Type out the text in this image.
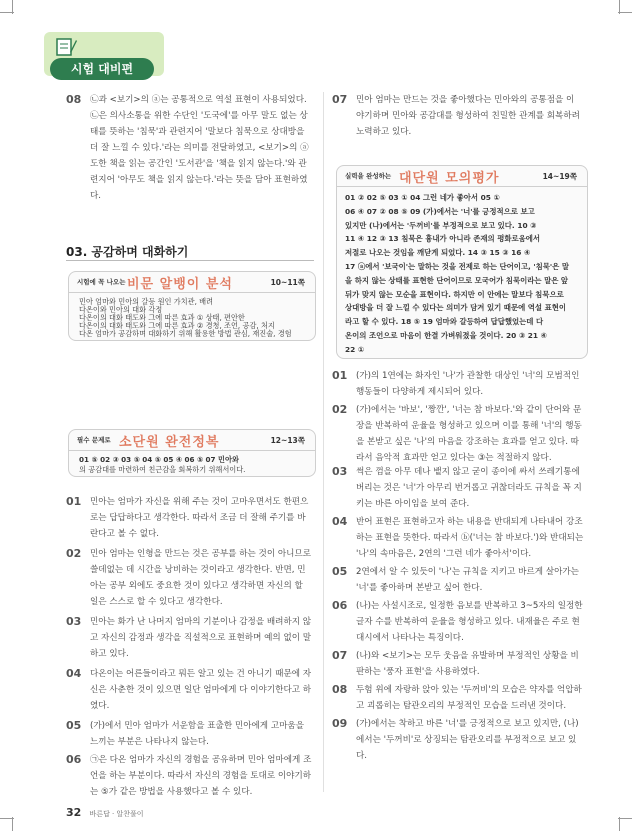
시험 대비편
08 ㉡과 <보기>의 ⓐ는 공통적으로 역설 표현이 사용되었다. ㉡은 의사소통을 위한 수단인 '도국에'를 아무 말도 없는 상태를 뜻하는 '침묵'과 관련지어 '말보다 침묵으로 상대방을 더 잘 느낄 수 있다.'라는 의미를 전달하였고, <보기>의 ⓐ 도한 책을 읽는 공간인 '도서관'을 '책을 읽지 않는다.'와 관련지어 '아무도 책을 읽지 않는다.'라는 뜻을 담아 표현하였다.
03. 공감하며 대화하기
시험에 꼭 나오는 비문 알뱅이 분석	10~11쪽
민아 엄마와 민아의 갈등 원인 가치관, 배려
다온이와 민아의 대화 각정
다온이의 대화 태도와 그에 따른 효과 ① 상태, 편안한
다온이의 대화 태도와 그에 따른 효과 ② 경청, 조언, 공감, 처지
다온 엄마가 공감하며 대화하기 위해 활용한 방법 관심, 재진술, 경험
필수 문제로 소단원 완전정복	12~13쪽
01 ⑤ 02 ③ 03 ⑤ 04 ⑤ 05 ④ 06 ⑤ 07 민아와
의 공감대를 마련하여 친근감을 회복하기 위해서이다.
01 민아는 엄마가 자신을 위해 주는 것이 고마우면서도 한편으로는 답답하다고 생각한다. 따라서 조금 더 잘해 주기를 바란다고 볼 수 없다.
02 민아 엄마는 인형을 만드는 것은 공부를 하는 것이 아니므로 쓸데없는 데 시간을 낭비하는 것이라고 생각한다. 반면, 민아는 공부 외에도 중요한 것이 있다고 생각하면 자신의 할 일은 스스로 할 수 있다고 생각한다.
03 민아는 화가 난 나머지 엄마의 기분이나 감정을 배려하지 않고 자신의 감정과 생각을 직설적으로 표현하며 예의 없이 말하고 있다.
04 다온이는 어른들이라고 뭐든 알고 있는 건 아니기 때문에 자신은 사춘한 것이 있으면 일단 엄마에게 다 이야기한다고 하였다.
05 (가)에서 민아 엄마가 서운함을 표출한 민아에게 고마움을 느끼는 부분은 나타나지 않는다.
06 ㉠은 다온 엄마가 자신의 경험을 공유하며 민아 엄마에게 조언을 하는 부분이다. 따라서 자신의 경험을 토대로 이야기하는 ⑤가 같은 방법을 사용했다고 볼 수 있다.
07 민아 엄마는 만드는 것을 좋아했다는 민아와의 공통점을 이야기하며 민아와 공감대를 형성하여 친밀한 관계를 회복하려 노력하고 있다.
실력을 완성하는 대단원 모의평가	14~19쪽
01 ② 02 ⑤ 03 ① 04 그런 네가 좋아서 05 ①
06 ④ 07 ② 08 ⑤ 09 (가)에서는 '너'를 긍정적으로 보고
있지만 (나)에서는 '두꺼비'를 부정적으로 보고 있다. 10 ③
11 ④ 12 ③ 13 침묵은 흉내가 아니라 존재의 평화로움에서
저절로 나오는 것임을 깨닫게 되었다. 14 ③ 15 ③ 16 ④
17 ⓐ에서 '보국이'는 말하는 것을 전제로 하는 단어이고, '침묵'은 말
을 하지 않는 상태를 표현한 단어이므로 모국어가 침묵이라는 말은 앞
뒤가 맞지 않는 모순을 표현이다. 하지만 이 안에는 말보다 침묵으로
상대방을 더 잘 느낄 수 있다는 의미가 담겨 있기 때문에 역설 표현이
라고 할 수 있다. 18 ⑤ 19 엄마와 갈등하여 답답했었는데 다
온이의 조언으로 마음이 한결 가벼워졌을 것이다. 20 ③ 21 ④
22 ①
01 (가)의 1연에는 화자인 '나'가 관찰한 대상인 '너'의 모범적인 행동들이 다양하게 제시되어 있다.
02 (가)에서는 '바보', '짱깐', '너는 참 바보다.'와 같이 단어와 문장을 반복하여 운율을 형성하고 있으며 이를 통해 '너'의 행동을 본받고 싶은 '나'의 마음을 강조하는 효과를 얻고 있다. 따라서 음악적 효과만 얻고 있다는 ③는 적절하지 않다.
03 썩은 껌을 아무 데나 뱉지 않고 굳이 종이에 싸서 쓰레기통에 버리는 것은 '너'가 아무리 번거롭고 귀찮더라도 규칙을 꼭 지키는 바른 아이임을 보여 준다.
04 반어 표현은 표현하고자 하는 내용을 반대되게 나타내어 강조하는 표현을 뜻한다. 따라서 ⓑ('너는 참 바보다.')와 반대되는 '나'의 속마음은, 2연의 '그런 네가 좋아서'이다.
05 2연에서 알 수 있듯이 '나'는 규칙을 지키고 바르게 살아가는 '너'를 좋아하며 본받고 싶어 한다.
06 (나)는 사설시조로, 일정한 음보를 반복하고 3~5자의 일정한 글자 수를 반복하여 운율을 형성하고 있다. 내재율은 주로 현대시에서 나타나는 특징이다.
07 (나)와 <보기>는 모두 웃음을 유발하며 부정적인 상황을 비판하는 '풍자 표현'을 사용하였다.
08 두험 위에 자랑하 앉아 있는 '두꺼비'의 모습은 약자를 억압하고 괴롭히는 탐관오리의 부정적인 모습을 드러낸 것이다.
09 (가)에서는 착하고 바른 '너'를 긍정적으로 보고 있지만, (나)에서는 '두꺼비'로 상징되는 탐관오리를 부정적으로 보고 있다.
32 바른답 · 알찬풀이
